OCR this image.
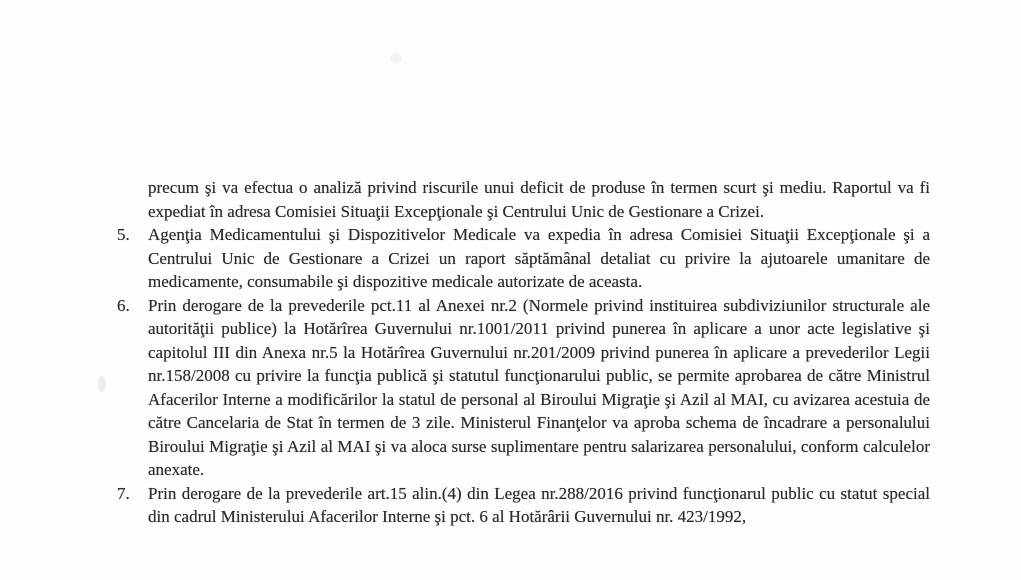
precum şi va efectua o analiză privind riscurile unui deficit de produse în termen scurt şi mediu. Raportul va fi expediat în adresa Comisiei Situaţii Excepţionale şi Centrului Unic de Gestionare a Crizei.

5.	Agenţia Medicamentului şi Dispozitivelor Medicale va expedia în adresa Comisiei Situaţii Excepţionale şi a Centrului Unic de Gestionare a Crizei un raport săptămânal detaliat cu privire la ajutoarele umanitare de medicamente, consumabile şi dispozitive medicale autorizate de aceasta.

6.	Prin derogare de la prevederile pct.11 al Anexei nr.2 (Normele privind instituirea subdiviziunilor structurale ale autorităţii publice) la Hotărîrea Guvernului nr.1001/2011 privind punerea în aplicare a unor acte legislative şi capitolul III din Anexa nr.5 la Hotărîrea Guvernului nr.201/2009 privind punerea în aplicare a prevederilor Legii nr.158/2008 cu privire la funcţia publică şi statutul funcţionarului public, se permite aprobarea de către Ministrul Afacerilor Interne a modificărilor la statul de personal al Biroului Migraţie şi Azil al MAI, cu avizarea acestuia de către Cancelaria de Stat în termen de 3 zile. Ministerul Finanţelor va aproba schema de încadrare a personalului Biroului Migraţie şi Azil al MAI şi va aloca surse suplimentare pentru salarizarea personalului, conform calculelor anexate.

7.	Prin derogare de la prevederile art.15 alin.(4) din Legea nr.288/2016 privind funcţionarul public cu statut special din cadrul Ministerului Afacerilor Interne şi pct. 6 al Hotărârii Guvernului nr. 423/1992,
